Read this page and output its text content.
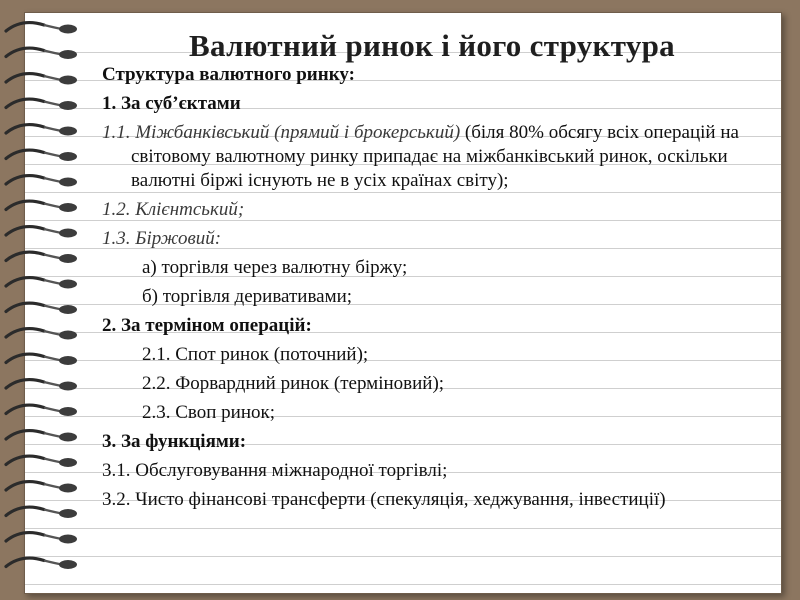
Валютний ринок і його структура

Структура валютного ринку:

1. За суб’єктами

1.1. Міжбанківський (прямий і брокерський) (біля 80% обсягу всіх операцій на світовому валютному ринку припадає на міжбанківський ринок, оскільки валютні біржі існують не в усіх країнах світу);

1.2. Клієнтський;

1.3. Біржовий:

а) торгівля через валютну біржу;

б) торгівля деривативами;

2. За терміном операцій:

2.1. Спот ринок (поточний);

2.2. Форвардний ринок (терміновий);

2.3. Своп ринок;

3. За функціями:

3.1. Обслуговування міжнародної торгівлі;

3.2. Чисто фінансові трансферти (спекуляція, хеджування, інвестиції)
